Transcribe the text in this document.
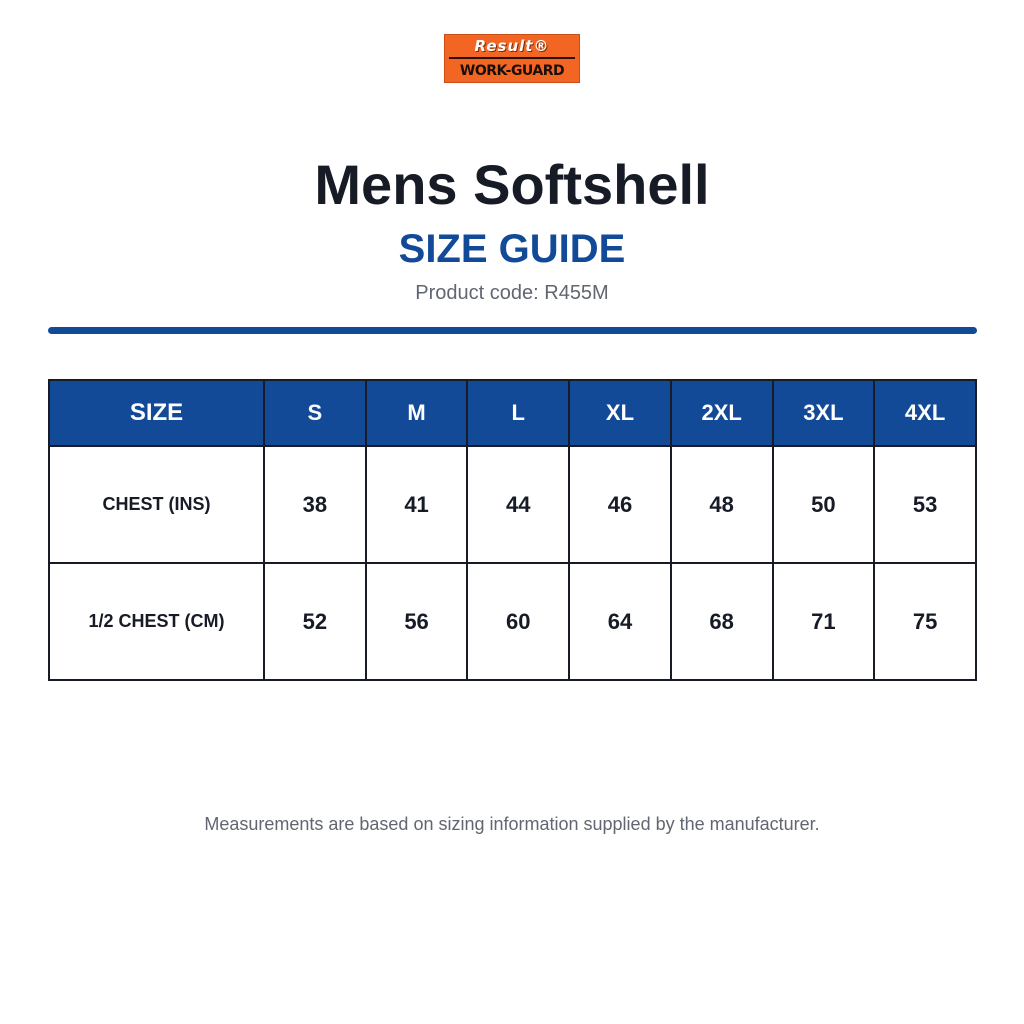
Result®
WORK-GUARD
Mens Softshell
SIZE GUIDE
Product code: R455M
SIZE	S	M	L	XL	2XL	3XL	4XL
CHEST (INS)	38	41	44	46	48	50	53
1/2 CHEST (CM)	52	56	60	64	68	71	75
Measurements are based on sizing information supplied by the manufacturer.
